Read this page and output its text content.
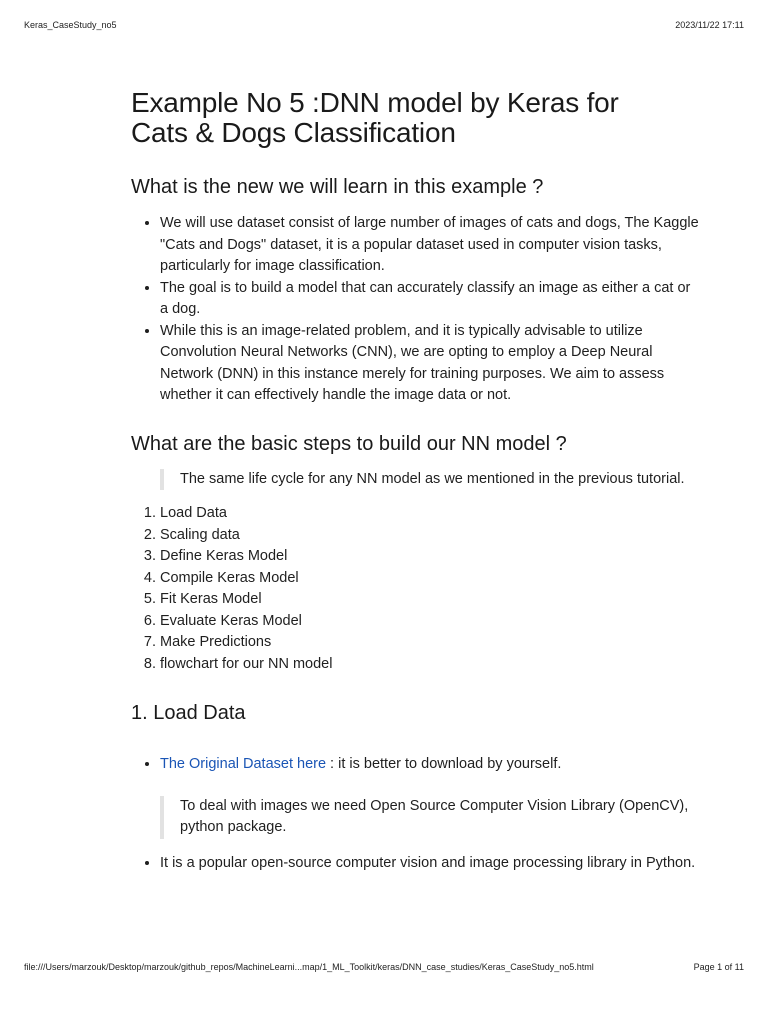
Keras_CaseStudy_no5	2023/11/22 17:11
Example No 5 :DNN model by Keras for
Cats & Dogs Classification
What is the new we will learn in this example ?
• We will use dataset consist of large number of images of cats and dogs, The Kaggle "Cats and Dogs" dataset, it is a popular dataset used in computer vision tasks, particularly for image classification.
• The goal is to build a model that can accurately classify an image as either a cat or a dog.
• While this is an image-related problem, and it is typically advisable to utilize Convolution Neural Networks (CNN), we are opting to employ a Deep Neural Network (DNN) in this instance merely for training purposes. We aim to assess whether it can effectively handle the image data or not.
What are the basic steps to build our NN model ?
The same life cycle for any NN model as we mentioned in the previous tutorial.
1. Load Data
2. Scaling data
3. Define Keras Model
4. Compile Keras Model
5. Fit Keras Model
6. Evaluate Keras Model
7. Make Predictions
8. flowchart for our NN model
1. Load Data
• The Original Dataset here : it is better to download by yourself.
To deal with images we need Open Source Computer Vision Library (OpenCV), python package.
• It is a popular open-source computer vision and image processing library in Python.
file:///Users/marzouk/Desktop/marzouk/github_repos/MachineLearni...map/1_ML_Toolkit/keras/DNN_case_studies/Keras_CaseStudy_no5.html	Page 1 of 11
